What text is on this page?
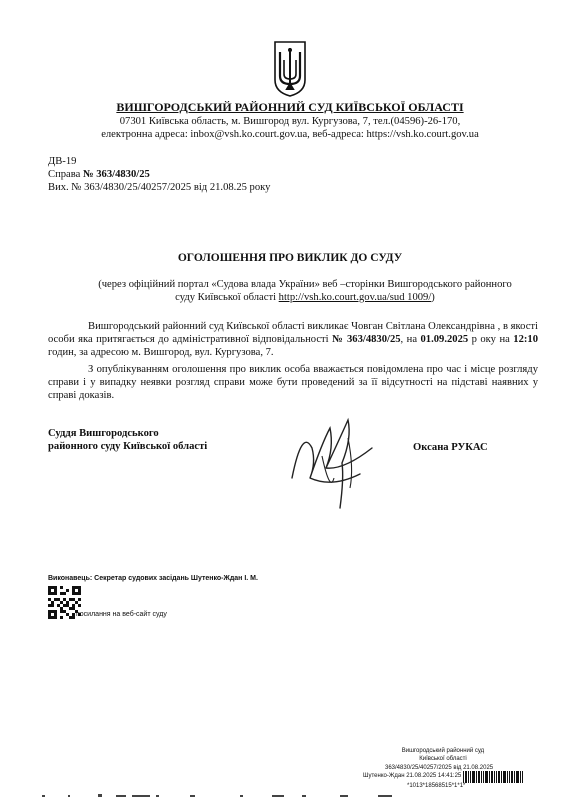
ВИШГОРОДСЬКИЙ РАЙОННИЙ СУД КИЇВСЬКОЇ ОБЛАСТІ
07301 Київська область, м. Вишгород вул. Кургузова, 7, тел.(04596)-26-170,
електронна адреса: inbox@vsh.ko.court.gov.ua, веб-адреса: https://vsh.ko.court.gov.ua
ДВ-19
Справа № 363/4830/25
Вих. № 363/4830/25/40257/2025 від 21.08.25 року
ОГОЛОШЕННЯ ПРО ВИКЛИК ДО СУДУ
(через офіційний портал «Судова влада України» веб –сторінки Вишгородського районного
суду Київської області http://vsh.ko.court.gov.ua/sud 1009/)
Вишгородський районний суд Київської області викликає Човган Світлана Олександрівна , в якості особи яка притягається до адміністративної відповідальності № 363/4830/25, на 01.09.2025 р оку на 12:10 годин, за адресою м. Вишгород, вул. Кургузова, 7.
З опублікуванням оголошення про виклик особа вважається повідомлена про час і місце розгляду справи і у випадку неявки розгляд справи може бути проведений за її відсутності на підставі наявних у справі доказів.
Суддя Вишгородського
районного суду Київської області	Оксана РУКАС
Виконавець: Секретар судових засідань Шутенко-Ждан І. М.
посилання на веб-сайт суду
Вишгородський районний суд
Київської області
363/4830/25/40257/2025 від 21.08.2025
Шутенко-Ждан 21.08.2025 14:41:25
*1013*18568515*1*1*
